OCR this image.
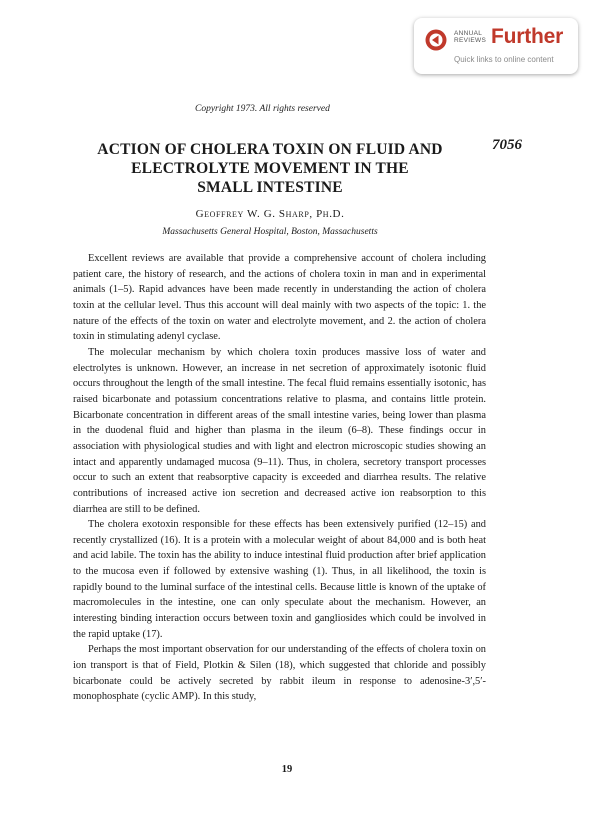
ANNUAL
REVIEWS Further
Quick links to online content
Copyright 1973. All rights reserved
ACTION OF CHOLERA TOXIN ON FLUID AND
ELECTROLYTE MOVEMENT IN THE
SMALL INTESTINE
7056
Geoffrey W. G. Sharp, Ph.D.
Massachusetts General Hospital, Boston, Massachusetts

Excellent reviews are available that provide a comprehensive account of cholera including patient care, the history of research, and the actions of cholera toxin in man and in experimental animals (1–5). Rapid advances have been made recently in understanding the action of cholera toxin at the cellular level. Thus this account will deal mainly with two aspects of the topic: 1. the nature of the effects of the toxin on water and electrolyte movement, and 2. the action of cholera toxin in stimulating adenyl cyclase.

The molecular mechanism by which cholera toxin produces massive loss of water and electrolytes is unknown. However, an increase in net secretion of approximately isotonic fluid occurs throughout the length of the small intestine. The fecal fluid remains essentially isotonic, has raised bicarbonate and potassium concentrations relative to plasma, and contains little protein. Bicarbonate concentration in different areas of the small intestine varies, being lower than plasma in the duodenal fluid and higher than plasma in the ileum (6–8). These findings occur in association with physiological studies and with light and electron microscopic studies showing an intact and apparently undamaged mucosa (9–11). Thus, in cholera, secretory transport processes occur to such an extent that reabsorptive capacity is exceeded and diarrhea results. The relative contributions of increased active ion secretion and decreased active ion reabsorption to this diarrhea are still to be defined.

The cholera exotoxin responsible for these effects has been extensively purified (12–15) and recently crystallized (16). It is a protein with a molecular weight of about 84,000 and is both heat and acid labile. The toxin has the ability to induce intestinal fluid production after brief application to the mucosa even if followed by extensive washing (1). Thus, in all likelihood, the toxin is rapidly bound to the luminal surface of the intestinal cells. Because little is known of the uptake of macromolecules in the intestine, one can only speculate about the mechanism. However, an interesting binding interaction occurs between toxin and gangliosides which could be involved in the rapid uptake (17).

Perhaps the most important observation for our understanding of the effects of cholera toxin on ion transport is that of Field, Plotkin & Silen (18), which suggested that chloride and possibly bicarbonate could be actively secreted by rabbit ileum in response to adenosine-3′,5′-monophosphate (cyclic AMP). In this study,

19
